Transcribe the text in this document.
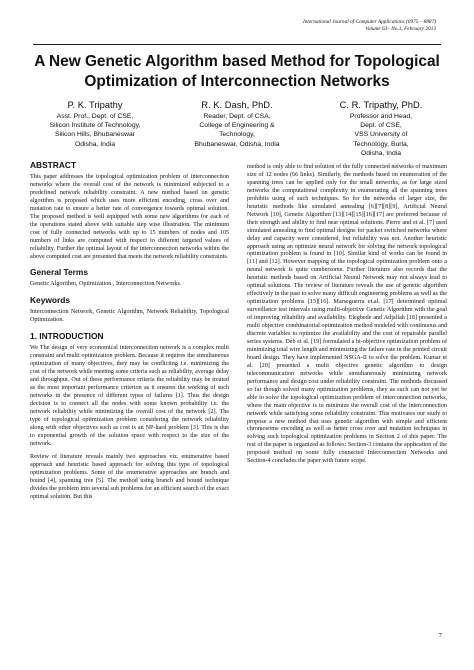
International Journal of Computer Applications (0975 – 8887)
Volume 63– No.3, February 2013
A New Genetic Algorithm based Method for Topological Optimization of Interconnection Networks
P. K. Tripathy
Asst. Prof., Dept. of CSE,
Silicon Institute of Technology,
Silicon Hills, Bhubaneswar
Odisha, India
R. K. Dash, PhD.
Reader, Dept. of CSA,
College of Engineering &
Technology,
Bhubaneswar, Odisha, India
C. R. Tripathy, PhD.
Professor and Head,
Dept. of CSE,
VSS University of
Technology, Burla,
Odisha, India
ABSTRACT

This paper addresses the topological optimization problem of interconnection networks where the overall cost of the network is minimized subjected to a predefined network reliability constraint. A new method based on genetic algorithm is proposed which uses more efficient encoding, cross over and mutation rate to ensure a better rate of convergence towards optimal solution. The proposed method is well equipped with some new algorithms for each of the operations stated above with suitable step wise illustration. The minimum cost of fully connected networks with up to 15 numbers of nodes and 105 numbers of links are computed with respect to different targeted values of reliability. Further the optimal layout of the interconnection networks within the above computed cost are presented that meets the network reliability constraints.

General Terms

Genetic Algorithm, Optimization , Interconnection Networks.

Keywords

Interconnection Network, Genetic Algorithm, Network Reliability, Topological Optimization.

1. INTRODUCTION

We The design of very economical interconnection network is a complex multi constraint and multi optimization problem. Because it requires the simultaneous optimization of many objectives, they may be conflicting i.e. minimizing the cost of the network while meeting some criteria such as reliability, average delay and throughput. Out of these performance criteria the reliability may be treated as the most important performance criterion as it ensures the working of such networks in the presence of different types of failures [1]. Thus the design decision is to connect all the nodes with some known probability i.e. the network reliability while minimizing the overall cost of the network [2]. The type of topological optimization problem considering the network reliability along with other objectives such as cost is an NP-hard problem [3]. This is due to exponential growth of the solution space with respect to the size of the network.

Review of literature reveals mainly two approaches viz. enumerative based approach and heuristic based approach for solving this type of topological optimization problems. Some of the enumerative approaches are branch and bound [4], spanning tree [5]. The method using branch and bound technique divides the problem into several sub problems for an efficient search of the exact optimal solution. But this

method is only able to find solution of the fully connected networks of maximum size of 12 nodes (66 links). Similarly, the methods based on enumeration of the spanning trees can be applied only for the small networks, as for large sized networks the computational complexity in enumerating all the spanning trees prohibits using of such techniques. So for the networks of larger size, the heuristic methods like simulated annealing [6][7][8][9], Artificial Neural Network [10], Genetic Algorithm [13][14][15][16][17] are preferred because of their strength and ability to find near optimal solutions. Pierre and et al. [7] used simulated annealing to find optimal designs for packet switched networks where delay and capacity were considered, but reliability was not. Another heuristic approach using an optimize neural network for solving the network topological optimization problem is found in [10]. Similar kind of works can be found in [11] and [12]. However mapping of the topological optimization problem onto a neural network is quite cumbersome. Further literature also records that the heuristic methods based on Artificial Neural Network may not always lead to optimal solutions. The review of literature reveals the use of genetic algorithm effectively in the past to solve many difficult engineering problems as well as the optimization problems [15][16]. Marseguerra et.al. [17] determined optimal surveillance test intervals using multi-objective Genetic Algorithm with the goal of improving reliability and availability. Elegbede and Adjallah [18] presented a multi objective combinatorial optimization method modeled with continuous and discrete variables to optimize the availability and the cost of repairable parallel series systems. Deb et al. [19] formulated a bi-objective optimization problem of minimizing total wire length and minimizing the failure rate in the printed circuit board design. They have implemented NSGA-II to solve the problem. Kumar et al. [20] presented a multi objective genetic algorithm to design telecommunication networks while simultaneously minimizing network performance and design cost under reliability constraint. The methods discussed so far though solved many optimization problems, they as such can not yet be able to solve the topological optimization problem of interconnection networks, where the main objective is to minimize the overall cost of the interconnection network while satisfying some reliability constraint. This motivates our study to propose a new method that uses genetic algorithm with simple and efficient chromosome encoding as well as better cross over and mutation techniques in solving such topological optimization problems in Section 2 of this paper. The rest of the paper is organized as follows: Section-3 contains the application of the proposed method on some fully connected Interconnection Networks and Section-4 concludes the paper with future scope.

7
